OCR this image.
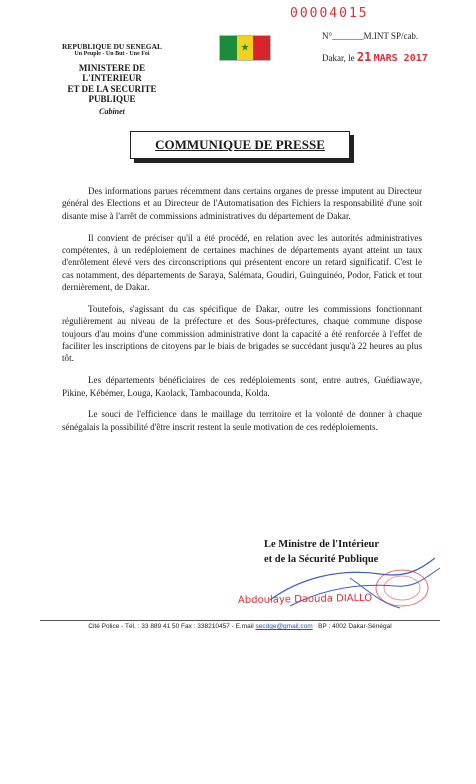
00004015
N°_______M.INT SP/cab.
Dakar, le 21 MARS 2017
REPUBLIQUE DU SENEGAL
Un Peuple - Un But - Une Foi
MINISTERE DE L'INTERIEUR
ET DE LA SECURITE PUBLIQUE
Cabinet
★
COMMUNIQUE DE PRESSE

Des informations parues récemment dans certains organes de presse imputent au Directeur général des Elections et au Directeur de l'Automatisation des Fichiers la responsabilité d'une soit disante mise à l'arrêt de commissions administratives du département de Dakar.

Il convient de préciser qu'il a été procédé, en relation avec les autorités administratives compétentes, à un redéploiement de certaines machines de départements ayant atteint un taux d'enrôlement élevé vers des circonscriptions qui présentent encore un retard significatif. C'est le cas notamment, des départements de Saraya, Salémata, Goudiri, Guinguinéo, Podor, Fatick et tout dernièrement, de Dakar.

Toutefois, s'agissant du cas spécifique de Dakar, outre les commissions fonctionnant régulièrement au niveau de la préfecture et des Sous-préfectures, chaque commune dispose toujours d'au moins d'une commission administrative dont la capacité a été renforcée à l'effet de faciliter les inscriptions de citoyens par le biais de brigades se succédant jusqu'à 22 heures au plus tôt.

Les départements bénéficiaires de ces redéploiements sont, entre autres, Guédiawaye, Pikine, Kébémer, Louga, Kaolack, Tambacounda, Kolda.

Le souci de l'efficience dans le maillage du territoire et la volonté de donner à chaque sénégalais la possibilité d'être inscrit restent la seule motivation de ces redéploiements.

Le Ministre de l'Intérieur
et de la Sécurité Publique
Abdoulaye Daouda DIALLO
Cité Police - Tél. : 33 889 41 50 Fax : 338210457 - E.mail secdge@gmail.com BP : 4002 Dakar-Sénégal
